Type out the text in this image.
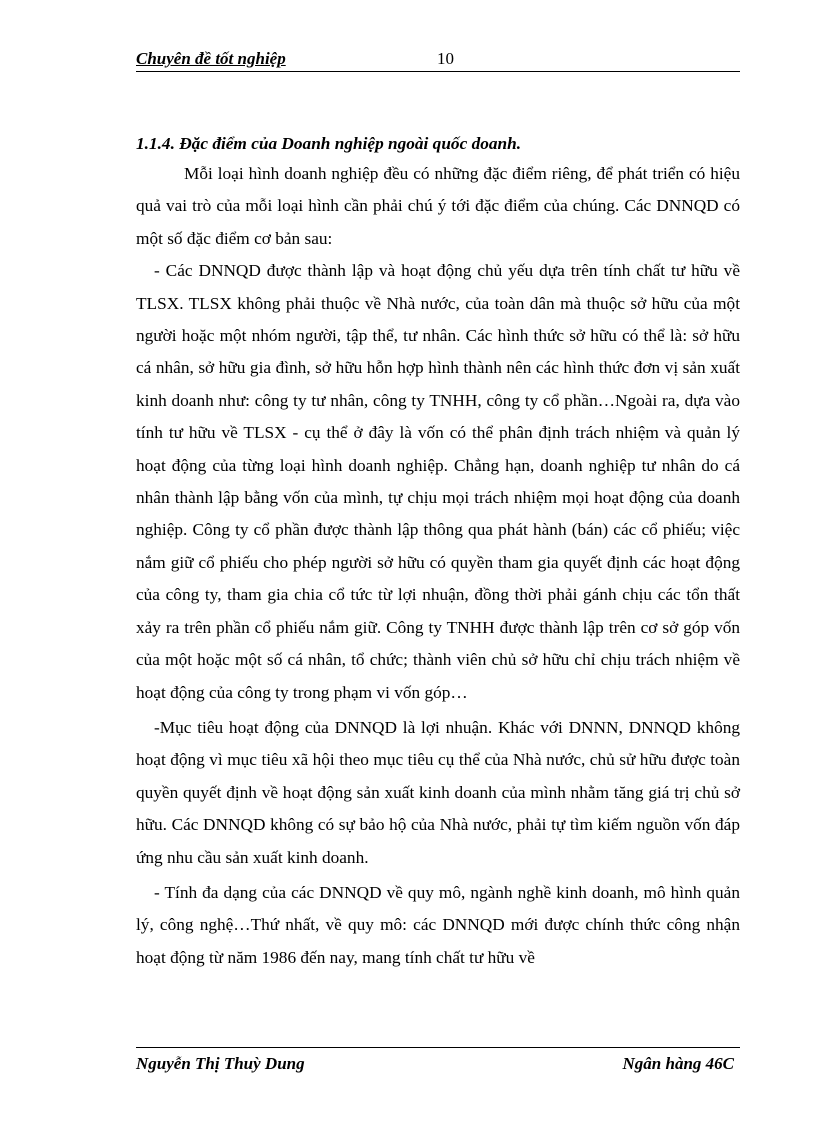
Chuyên đề tốt nghiệp	10

1.1.4. Đặc điểm của Doanh nghiệp ngoài quốc doanh.

Mỗi loại hình doanh nghiệp đều có những đặc điểm riêng, để phát triển có hiệu quả vai trò của mỗi loại hình cần phải chú ý tới đặc điểm của chúng. Các DNNQD có một số đặc điểm cơ bản sau:

- Các DNNQD được thành lập và hoạt động chủ yếu dựa trên tính chất tư hữu về TLSX. TLSX không phải thuộc về Nhà nước, của toàn dân mà thuộc sở hữu của một người hoặc một nhóm người, tập thể, tư nhân. Các hình thức sở hữu có thể là: sở hữu cá nhân, sở hữu gia đình, sở hữu hỗn hợp hình thành nên các hình thức đơn vị sản xuất kinh doanh như: công ty tư nhân, công ty TNHH, công ty cổ phần…Ngoài ra, dựa vào tính tư hữu về TLSX - cụ thể ở đây là vốn có thể phân định trách nhiệm và quản lý hoạt động của từng loại hình doanh nghiệp. Chẳng hạn, doanh nghiệp tư nhân do cá nhân thành lập bằng vốn của mình, tự chịu mọi trách nhiệm mọi hoạt động của doanh nghiệp. Công ty cổ phần được thành lập thông qua phát hành (bán) các cổ phiếu; việc nắm giữ cổ phiếu cho phép người sở hữu có quyền tham gia quyết định các hoạt động của công ty, tham gia chia cổ tức từ lợi nhuận, đồng thời phải gánh chịu các tổn thất xảy ra trên phần cổ phiếu nắm giữ. Công ty TNHH được thành lập trên cơ sở góp vốn của một hoặc một số cá nhân, tổ chức; thành viên chủ sở hữu chỉ chịu trách nhiệm về hoạt động của công ty trong phạm vi vốn góp…

-Mục tiêu hoạt động của DNNQD là lợi nhuận. Khác với DNNN, DNNQD không hoạt động vì mục tiêu xã hội theo mục tiêu cụ thể của Nhà nước, chủ sử hữu được toàn quyền quyết định về hoạt động sản xuất kinh doanh của mình nhằm tăng giá trị chủ sở hữu. Các DNNQD không có sự bảo hộ của Nhà nước, phải tự tìm kiếm nguồn vốn đáp ứng nhu cầu sản xuất kinh doanh.

- Tính đa dạng của các DNNQD về quy mô, ngành nghề kinh doanh, mô hình quản lý, công nghệ…Thứ nhất, về quy mô: các DNNQD mới được chính thức công nhận hoạt động từ năm 1986 đến nay, mang tính chất tư hữu về

Nguyễn Thị Thuỳ Dung	Ngân hàng 46C
